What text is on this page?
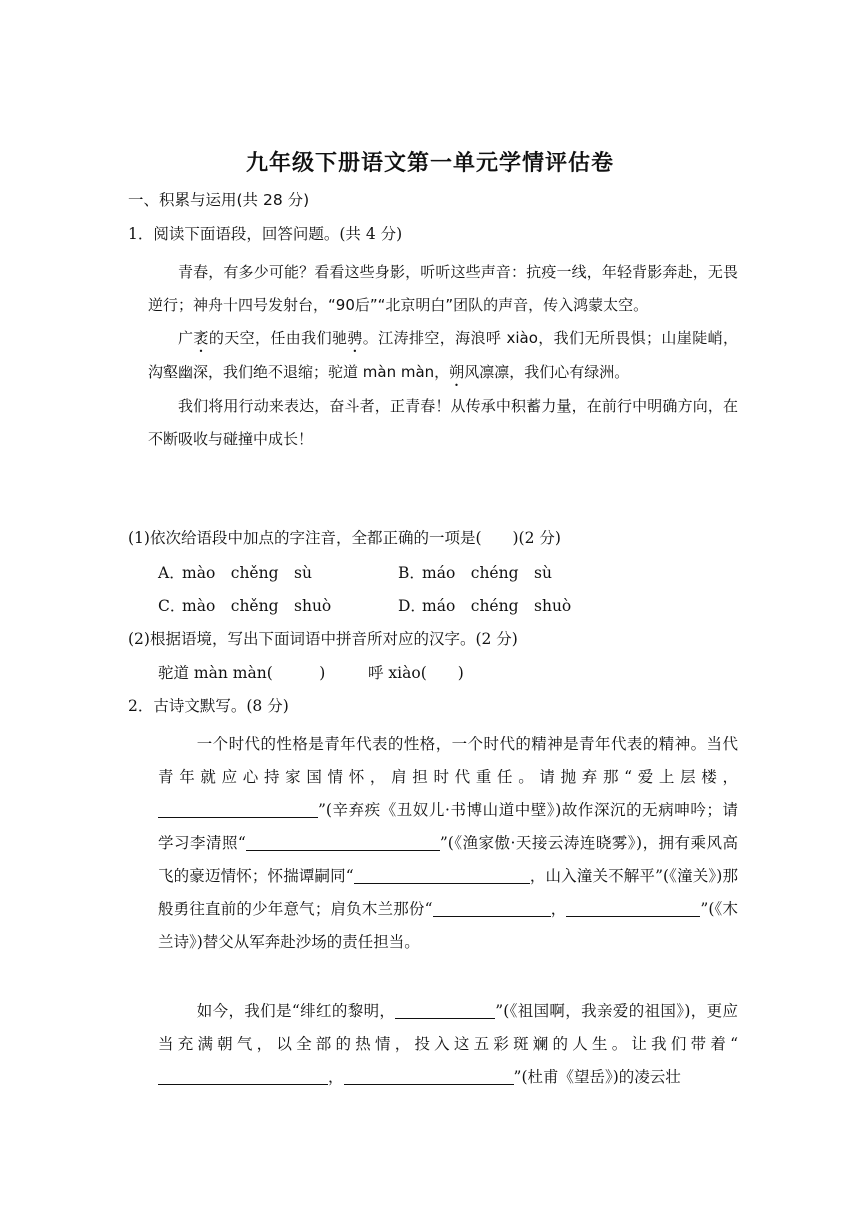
九年级下册语文第一单元学情评估卷
一、积累与运用(共 28 分)
1．阅读下面语段，回答问题。(共 4 分)

青春，有多少可能？看看这些身影，听听这些声音：抗疫一线，年轻背影奔赴，无畏逆行；神舟十四号发射台，“90后”“北京明白”团队的声音，传入鸿蒙太空。

广袤的天空，任由我们驰骋。江涛排空，海浪呼 xiào，我们无所畏惧；山崖陡峭，沟壑幽深，我们绝不退缩；驼道 màn màn，朔风凛凛，我们心有绿洲。

我们将用行动来表达，奋斗者，正青春！从传承中积蓄力量，在前行中明确方向，在不断吸收与碰撞中成长！

(1)依次给语段中加点的字注音，全都正确的一项是(　　)(2 分)
A．mào　chěng　sù	B．máo　chéng　sù
C．mào　chěng　shuò	D．máo　chéng　shuò
(2)根据语境，写出下面词语中拼音所对应的汉字。(2 分)
驼道 màn màn(　　　)	呼 xiào(　　)
2．古诗文默写。(8 分)

一个时代的性格是青年代表的性格，一个时代的精神是青年代表的精神。当代青年就应心持家国情怀，肩担时代重任。请抛弃那“爱上层楼，”(辛弃疾《丑奴儿·书博山道中壁》)故作深沉的无病呻吟；请学习李清照“	”(《渔家傲·天接云涛连晓雾》)，拥有乘风高飞的豪迈情怀；怀揣谭嗣同“	，山入潼关不解平”(《潼关》)那般勇往直前的少年意气；肩负木兰那份“	，	”(《木兰诗》)替父从军奔赴沙场的责任担当。

如今，我们是“绯红的黎明，	”(《祖国啊，我亲爱的祖国》)，更应当充满朝气，以全部的热情，投入这五彩斑斓的人生。让我们带着“，	”(杜甫《望岳》)的凌云壮
